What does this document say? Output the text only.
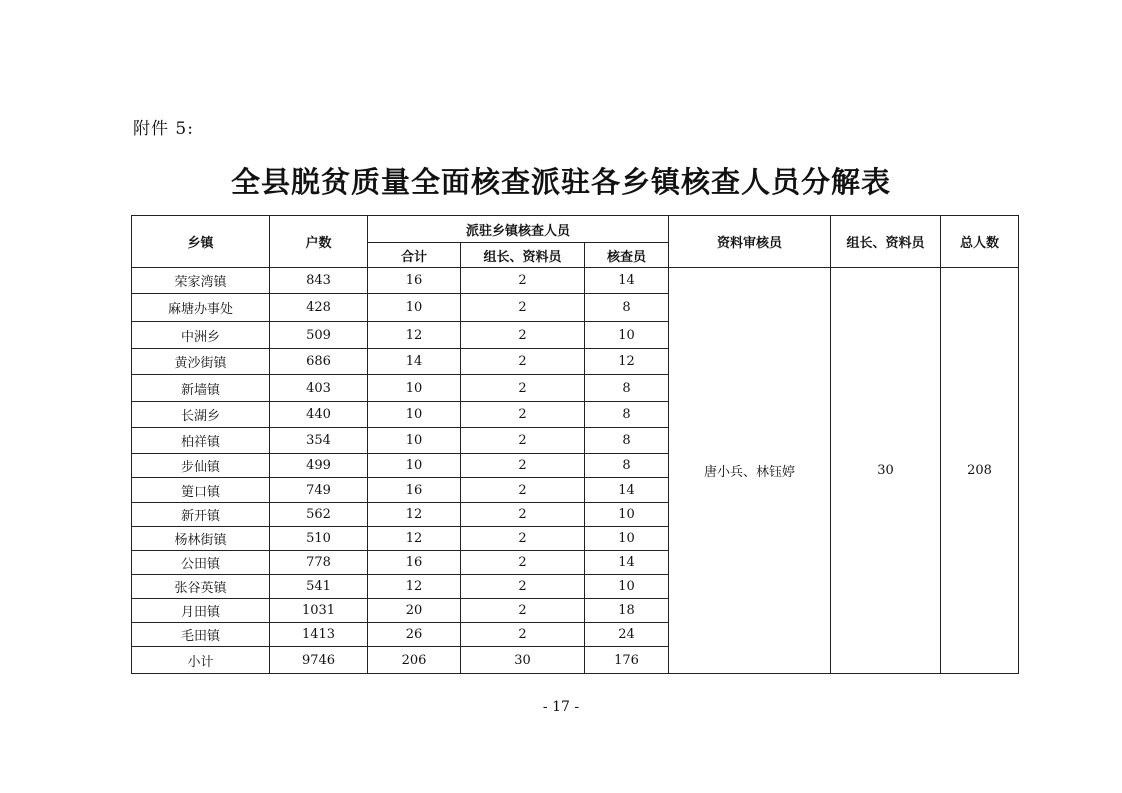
附件 5:
全县脱贫质量全面核查派驻各乡镇核查人员分解表
乡镇	户数	派驻乡镇核查人员			资料审核员	组长、资料员	总人数
		合计	组长、资料员	核查员			
荣家湾镇	843	16	2	14	唐小兵、林钰婷	30	208
麻塘办事处	428	10	2	8			
中洲乡	509	12	2	10			
黄沙街镇	686	14	2	12			
新墙镇	403	10	2	8			
长湖乡	440	10	2	8			
柏祥镇	354	10	2	8			
步仙镇	499	10	2	8			
筻口镇	749	16	2	14			
新开镇	562	12	2	10			
杨林街镇	510	12	2	10			
公田镇	778	16	2	14			
张谷英镇	541	12	2	10			
月田镇	1031	20	2	18			
毛田镇	1413	26	2	24			
小计	9746	206	30	176			
- 17 -
